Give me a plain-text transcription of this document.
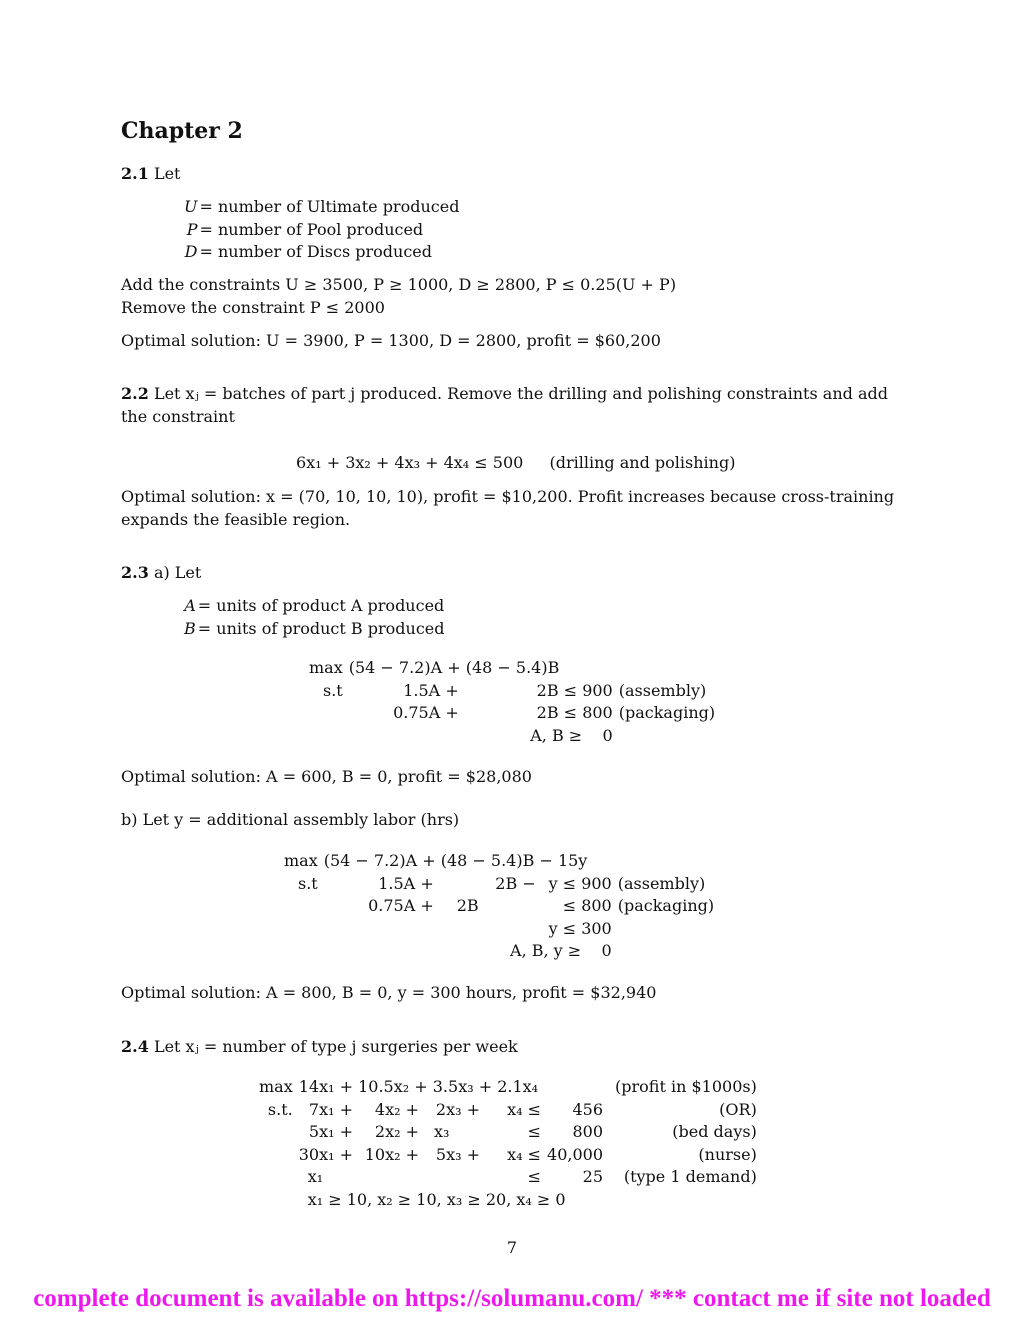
Chapter 2
2.1 Let
U	= number of Ultimate produced
P	= number of Pool produced
D	= number of Discs produced
Add the constraints U ≥ 3500, P ≥ 1000, D ≥ 2800, P ≤ 0.25(U + P)
Remove the constraint P ≤ 2000
Optimal solution: U = 3900, P = 1300, D = 2800, profit = $60,200
2.2 Let xⱼ = batches of part j produced. Remove the drilling and polishing constraints and add
the constraint
6x₁ + 3x₂ + 4x₃ + 4x₄ ≤ 500 (drilling and polishing)
Optimal solution: x = (70, 10, 10, 10), profit = $10,200. Profit increases because cross-training
expands the feasible region.
2.3 a) Let
A	= units of product A produced
B	= units of product B produced
max	(54 − 7.2)A + (48 − 5.4)B		
s.t	1.5A +	2B ≤ 900	(assembly)
	0.75A +	2B ≤ 800	(packaging)
		A, B ≥ 0	
Optimal solution: A = 600, B = 0, profit = $28,080
b) Let y = additional assembly labor (hrs)
max	(54 − 7.2)A + (48 − 5.4)B − 15y			
s.t	1.5A +	2B −	y ≤ 900	(assembly)
	0.75A +	2B	≤ 800	(packaging)
			y ≤ 300	
		A, B, y ≥ 0		
Optimal solution: A = 800, B = 0, y = 300 hours, profit = $32,940
2.4 Let xⱼ = number of type j surgeries per week
max	14x₁ + 10.5x₂ + 3.5x₃ + 2.1x₄						(profit in $1000s)
s.t.	7x₁ +	4x₂ +	2x₃ +	x₄ ≤	456		(OR)
	5x₁ +	2x₂ +	x₃	≤	800		(bed days)
	30x₁ +	10x₂ +	5x₃ +	x₄ ≤	40,000		(nurse)
	x₁			≤	25		(type 1 demand)
	x₁ ≥ 10, x₂ ≥ 10, x₃ ≥ 20, x₄ ≥ 0						
7
complete document is available on https://solumanu.com/ *** contact me if site not loaded
